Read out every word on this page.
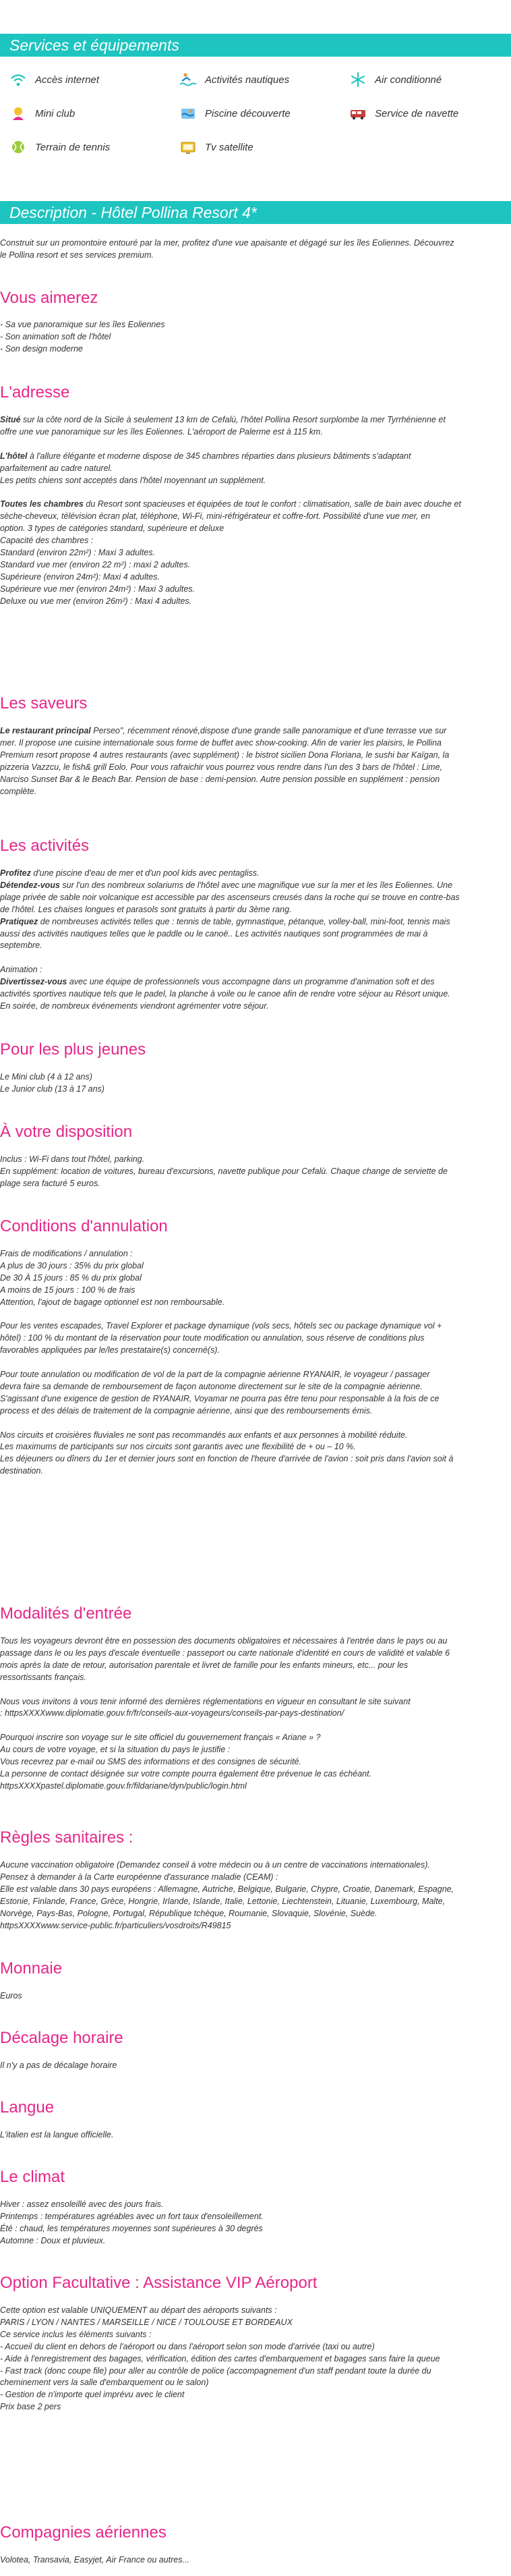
Services et équipements
Accès internet	Activités nautiques	Air conditionné
Mini club	Piscine découverte	Service de navette
Terrain de tennis	Tv satellite
Description - Hôtel Pollina Resort 4*

Construit sur un promontoire entouré par la mer, profitez d'une vue apaisante et dégagé sur les îles Eoliennes. Découvrez

le Pollina resort et ses services premium.

Vous aimerez

- Sa vue panoramique sur les îles Eoliennes

- Son animation soft de l'hôtel

- Son design moderne

L'adresse

Situé sur la côte nord de la Sicile à seulement 13 km de Cefalù, l'hôtel Pollina Resort surplombe la mer Tyrrhénienne et

offre une vue panoramique sur les îles Eoliennes. L'aéroport de Palerme est à 115 km.

L'hôtel à l'allure élégante et moderne dispose de 345 chambres réparties dans plusieurs bâtiments s'adaptant

parfaitement au cadre naturel.

Les petits chiens sont acceptés dans l'hôtel moyennant un supplément.

Toutes les chambres du Resort sont spacieuses et équipées de tout le confort : climatisation, salle de bain avec douche et

sèche-cheveux, télévision écran plat, téléphone, Wi-Fi, mini-réfrigérateur et coffre-fort. Possibilité d'une vue mer, en

option. 3 types de catégories standard, supérieure et deluxe

Capacité des chambres :

Standard (environ 22m²) : Maxi 3 adultes.

Standard vue mer (environ 22 m²) : maxi 2 adultes.

Supérieure (environ 24m²): Maxi 4 adultes.

Supérieure vue mer (environ 24m²) : Maxi 3 adultes.

Deluxe ou vue mer (environ 26m²) : Maxi 4 adultes.

Les saveurs

Le restaurant principal Perseo", récemment rénové,dispose d'une grande salle panoramique et d'une terrasse vue sur

mer. Il propose une cuisine internationale sous forme de buffet avec show-cooking. Afin de varier les plaisirs, le Pollina

Premium resort propose 4 autres restaurants (avec supplément) : le bistrot sicilien Dona Floriana, le sushi bar Kaïgan, la

pizzeria Vazzcu, le fish& grill Eolo. Pour vous rafraichir vous pourrez vous rendre dans l'un des 3 bars de l'hôtel : Lime,

Narciso Sunset Bar & le Beach Bar. Pension de base : demi-pension. Autre pension possible en supplément : pension

complète.

Les activités

Profitez d'une piscine d'eau de mer et d'un pool kids avec pentagliss.

Détendez-vous sur l'un des nombreux solariums de l'hôtel avec une magnifique vue sur la mer et les îles Eoliennes. Une

plage privée de sable noir volcanique est accessible par des ascenseurs creusés dans la roche qui se trouve en contre-bas

de l'hôtel. Les chaises longues et parasols sont gratuits à partir du 3ème rang.

Pratiquez de nombreuses activités telles que : tennis de table, gymnastique, pétanque, volley-ball, mini-foot, tennis mais

aussi des activités nautiques telles que le paddle ou le canoë.. Les activités nautiques sont programmées de mai à

septembre.

Animation :

Divertissez-vous avec une équipe de professionnels vous accompagne dans un programme d'animation soft et des

activités sportives nautique tels que le padel, la planche à voile ou le canoe afin de rendre votre séjour au Résort unique.

En soirée, de nombreux événements viendront agrémenter votre séjour.

Pour les plus jeunes

Le Mini club (4 à 12 ans)

Le Junior club (13 à 17 ans)

À votre disposition

Inclus : Wi-Fi dans tout l'hôtel, parking.

En supplément: location de voitures, bureau d'excursions, navette publique pour Cefalù. Chaque change de serviette de

plage sera facturé 5 euros.

Conditions d'annulation

Frais de modifications / annulation :

A plus de 30 jours : 35% du prix global

De 30 À 15 jours : 85 % du prix global

A moins de 15 jours : 100 % de frais

Attention, l'ajout de bagage optionnel est non remboursable.

Pour les ventes escapades, Travel Explorer et package dynamique (vols secs, hôtels sec ou package dynamique vol +

hôtel) : 100 % du montant de la réservation pour toute modification ou annulation, sous réserve de conditions plus

favorables appliquées par le/les prestataire(s) concerné(s).

Pour toute annulation ou modification de vol de la part de la compagnie aérienne RYANAIR, le voyageur / passager

devra faire sa demande de remboursement de façon autonome directement sur le site de la compagnie aérienne.

S'agissant d'une exigence de gestion de RYANAIR, Voyamar ne pourra pas être tenu pour responsable à la fois de ce

process et des délais de traitement de la compagnie aérienne, ainsi que des remboursements émis.

Nos circuits et croisières fluviales ne sont pas recommandés aux enfants et aux personnes à mobilité réduite.

Les maximums de participants sur nos circuits sont garantis avec une flexibilité de + ou – 10 %.

Les déjeuners ou dîners du 1er et dernier jours sont en fonction de l'heure d'arrivée de l'avion : soit pris dans l'avion soit à

destination.

Modalités d'entrée

Tous les voyageurs devront être en possession des documents obligatoires et nécessaires à l'entrée dans le pays ou au

passage dans le ou les pays d'escale éventuelle : passeport ou carte nationale d'identité en cours de validité et valable 6

mois après la date de retour, autorisation parentale et livret de famille pour les enfants mineurs, etc... pour les

ressortissants français.

Nous vous invitons à vous tenir informé des dernières réglementations en vigueur en consultant le site suivant

: httpsXXXXwww.diplomatie.gouv.fr/fr/conseils-aux-voyageurs/conseils-par-pays-destination/

Pourquoi inscrire son voyage sur le site officiel du gouvernement français « Ariane » ?

Au cours de votre voyage, et si la situation du pays le justifie :

Vous recevrez par e-mail ou SMS des informations et des consignes de sécurité.

La personne de contact désignée sur votre compte pourra également être prévenue le cas échéant.

httpsXXXXpastel.diplomatie.gouv.fr/fildariane/dyn/public/login.html

Règles sanitaires :

Aucune vaccination obligatoire (Demandez conseil à votre médecin ou à un centre de vaccinations internationales).

Pensez à demander à la Carte européenne d'assurance maladie (CEAM) :

Elle est valable dans 30 pays européens : Allemagne, Autriche, Belgique, Bulgarie, Chypre, Croatie, Danemark, Espagne,

Estonie, Finlande, France, Grèce, Hongrie, Irlande, Islande, Italie, Lettonie, Liechtenstein, Lituanie, Luxembourg, Malte,

Norvège, Pays-Bas, Pologne, Portugal, République tchèque, Roumanie, Slovaquie, Slovénie, Suède.

httpsXXXXwww.service-public.fr/particuliers/vosdroits/R49815

Monnaie

Euros

Décalage horaire

Il n'y a pas de décalage horaire

Langue

L'italien est la langue officielle.

Le climat

Hiver : assez ensoleillé avec des jours frais.

Printemps : températures agréables avec un fort taux d'ensoleillement.

Été : chaud, les températures moyennes sont supérieures à 30 degrés

Automne : Doux et pluvieux.

Option Facultative : Assistance VIP Aéroport

Cette option est valable UNIQUEMENT au départ des aéroports suivants :

PARIS / LYON / NANTES / MARSEILLE / NICE / TOULOUSE ET BORDEAUX

Ce service inclus les éléments suivants :

- Accueil du client en dehors de l'aéroport ou dans l'aéroport selon son mode d'arrivée (taxi ou autre)

- Aide à l'enregistrement des bagages, vérification, édition des cartes d'embarquement et bagages sans faire la queue

- Fast track (donc coupe file) pour aller au contrôle de police (accompagnement d'un staff pendant toute la durée du

cheminement vers la salle d'embarquement ou le salon)

- Gestion de n'importe quel imprévu avec le client

Prix base 2 pers

Compagnies aériennes

Volotea, Transavia, Easyjet, Air France ou autres...
